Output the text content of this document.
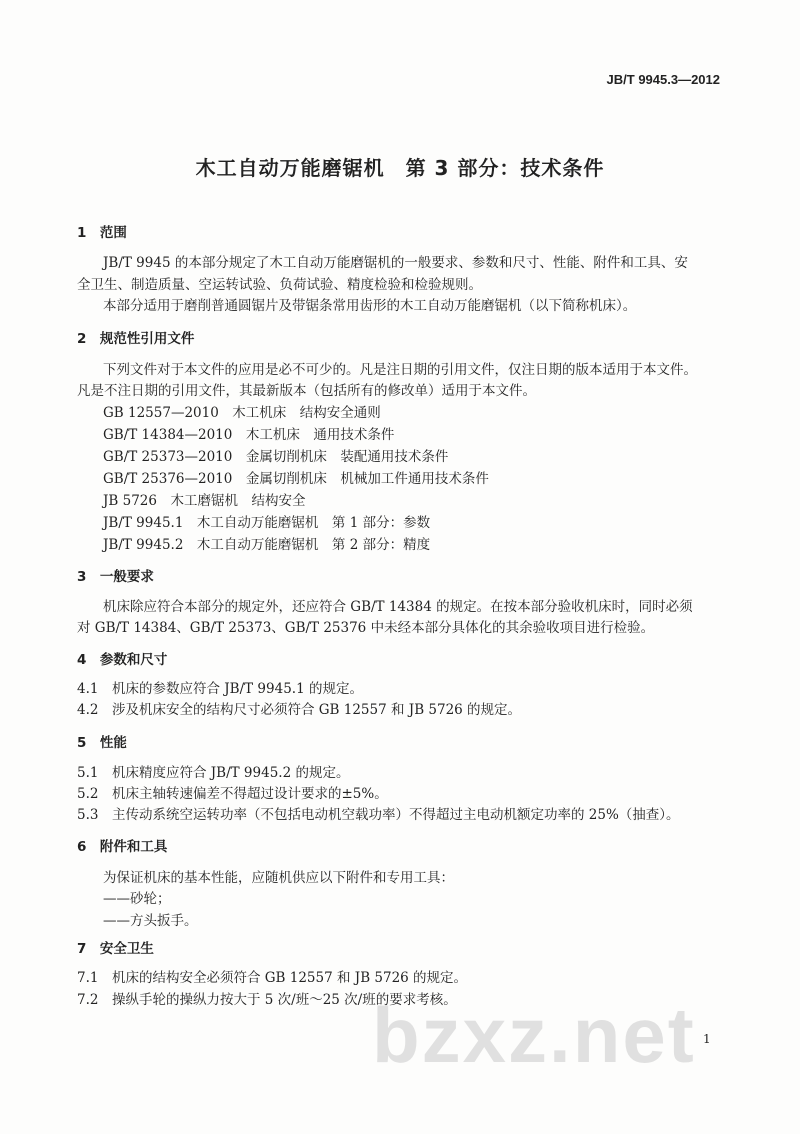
JB/T 9945.3—2012
木工自动万能磨锯机　第 3 部分：技术条件
1　范围
JB/T 9945 的本部分规定了木工自动万能磨锯机的一般要求、参数和尺寸、性能、附件和工具、安
全卫生、制造质量、空运转试验、负荷试验、精度检验和检验规则。
本部分适用于磨削普通圆锯片及带锯条常用齿形的木工自动万能磨锯机（以下简称机床）。
2　规范性引用文件
下列文件对于本文件的应用是必不可少的。凡是注日期的引用文件，仅注日期的版本适用于本文件。
凡是不注日期的引用文件，其最新版本（包括所有的修改单）适用于本文件。
GB 12557—2010　木工机床　结构安全通则
GB/T 14384—2010　木工机床　通用技术条件
GB/T 25373—2010　金属切削机床　装配通用技术条件
GB/T 25376—2010　金属切削机床　机械加工件通用技术条件
JB 5726　木工磨锯机　结构安全
JB/T 9945.1　木工自动万能磨锯机　第 1 部分：参数
JB/T 9945.2　木工自动万能磨锯机　第 2 部分：精度
3　一般要求
机床除应符合本部分的规定外，还应符合 GB/T 14384 的规定。在按本部分验收机床时，同时必须
对 GB/T 14384、GB/T 25373、GB/T 25376 中未经本部分具体化的其余验收项目进行检验。
4　参数和尺寸
4.1　机床的参数应符合 JB/T 9945.1 的规定。
4.2　涉及机床安全的结构尺寸必须符合 GB 12557 和 JB 5726 的规定。
5　性能
5.1　机床精度应符合 JB/T 9945.2 的规定。
5.2　机床主轴转速偏差不得超过设计要求的±5%。
5.3　主传动系统空运转功率（不包括电动机空载功率）不得超过主电动机额定功率的 25%（抽查）。
6　附件和工具
为保证机床的基本性能，应随机供应以下附件和专用工具：
——砂轮；
——方头扳手。
7　安全卫生
7.1　机床的结构安全必须符合 GB 12557 和 JB 5726 的规定。
7.2　操纵手轮的操纵力按大于 5 次/班～25 次/班的要求考核。
bzxz.net 1
